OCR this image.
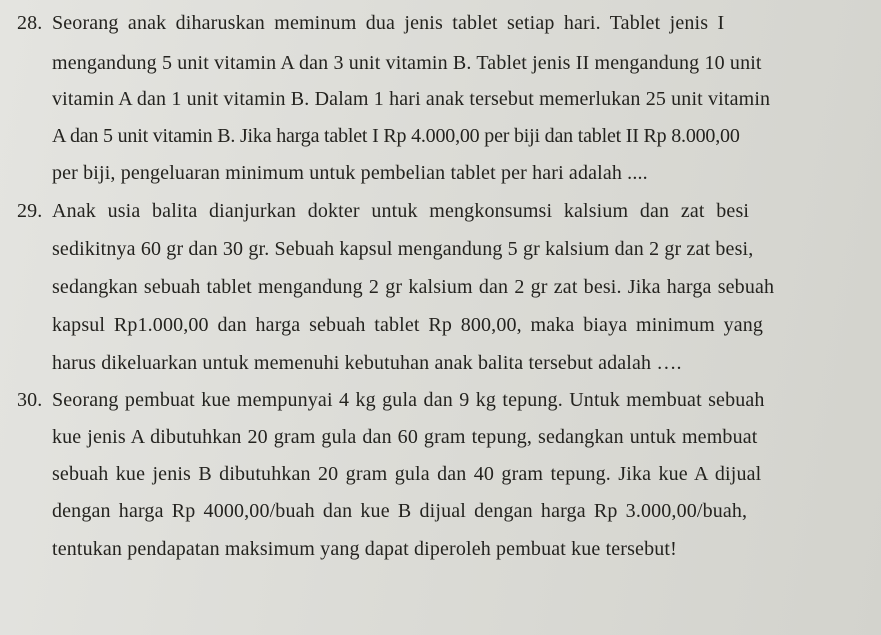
28. Seorang anak diharuskan meminum dua jenis tablet setiap hari. Tablet jenis I
mengandung 5 unit vitamin A dan 3 unit vitamin B. Tablet jenis II mengandung 10 unit
vitamin A dan 1 unit vitamin B. Dalam 1 hari anak tersebut memerlukan 25 unit vitamin
A dan 5 unit vitamin B. Jika harga tablet I Rp 4.000,00 per biji dan tablet II Rp 8.000,00
per biji, pengeluaran minimum untuk pembelian tablet per hari adalah ....
29. Anak usia balita dianjurkan dokter untuk mengkonsumsi kalsium dan zat besi
sedikitnya 60 gr dan 30 gr. Sebuah kapsul mengandung 5 gr kalsium dan 2 gr zat besi,
sedangkan sebuah tablet mengandung 2 gr kalsium dan 2 gr zat besi. Jika harga sebuah
kapsul Rp1.000,00 dan harga sebuah tablet Rp 800,00, maka biaya minimum yang
harus dikeluarkan untuk memenuhi kebutuhan anak balita tersebut adalah ….
30. Seorang pembuat kue mempunyai 4 kg gula dan 9 kg tepung. Untuk membuat sebuah
kue jenis A dibutuhkan 20 gram gula dan 60 gram tepung, sedangkan untuk membuat
sebuah kue jenis B dibutuhkan 20 gram gula dan 40 gram tepung. Jika kue A dijual
dengan harga Rp 4000,00/buah dan kue B dijual dengan harga Rp 3.000,00/buah,
tentukan pendapatan maksimum yang dapat diperoleh pembuat kue tersebut!
